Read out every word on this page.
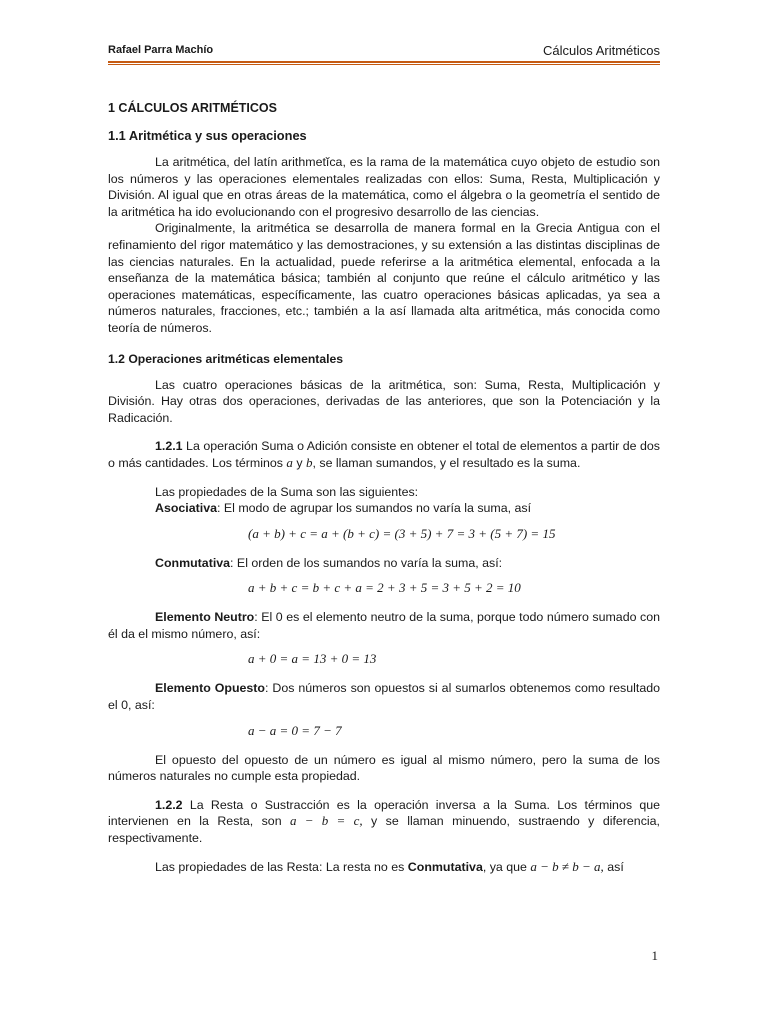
Rafael Parra Machío	Cálculos Aritméticos
1 CÁLCULOS ARITMÉTICOS
1.1 Aritmética y sus operaciones

La aritmética, del latín arithmetĭca, es la rama de la matemática cuyo objeto de estudio son los números y las operaciones elementales realizadas con ellos: Suma, Resta, Multiplicación y División. Al igual que en otras áreas de la matemática, como el álgebra o la geometría el sentido de la aritmética ha ido evolucionando con el progresivo desarrollo de las ciencias.

Originalmente, la aritmética se desarrolla de manera formal en la Grecia Antigua con el refinamiento del rigor matemático y las demostraciones, y su extensión a las distintas disciplinas de las ciencias naturales. En la actualidad, puede referirse a la aritmética elemental, enfocada a la enseñanza de la matemática básica; también al conjunto que reúne el cálculo aritmético y las operaciones matemáticas, específicamente, las cuatro operaciones básicas aplicadas, ya sea a números naturales, fracciones, etc.; también a la así llamada alta aritmética, más conocida como teoría de números.

1.2 Operaciones aritméticas elementales

Las cuatro operaciones básicas de la aritmética, son: Suma, Resta, Multiplicación y División. Hay otras dos operaciones, derivadas de las anteriores, que son la Potenciación y la Radicación.

1.2.1 La operación Suma o Adición consiste en obtener el total de elementos a partir de dos o más cantidades. Los términos a y b, se llaman sumandos, y el resultado es la suma.

Las propiedades de la Suma son las siguientes:

Asociativa: El modo de agrupar los sumandos no varía la suma, así

(a + b) + c = a + (b + c) = (3 + 5) + 7 = 3 + (5 + 7) = 15

Conmutativa: El orden de los sumandos no varía la suma, así:

a + b + c = b + c + a = 2 + 3 + 5 = 3 + 5 + 2 = 10

Elemento Neutro: El 0 es el elemento neutro de la suma, porque todo número sumado con él da el mismo número, así:

a + 0 = a = 13 + 0 = 13

Elemento Opuesto: Dos números son opuestos si al sumarlos obtenemos como resultado el 0, así:

a − a = 0 = 7 − 7

El opuesto del opuesto de un número es igual al mismo número, pero la suma de los números naturales no cumple esta propiedad.

1.2.2 La Resta o Sustracción es la operación inversa a la Suma. Los términos que intervienen en la Resta, son a − b = c, y se llaman minuendo, sustraendo y diferencia, respectivamente.

Las propiedades de las Resta: La resta no es Conmutativa, ya que a − b ≠ b − a, así

1
